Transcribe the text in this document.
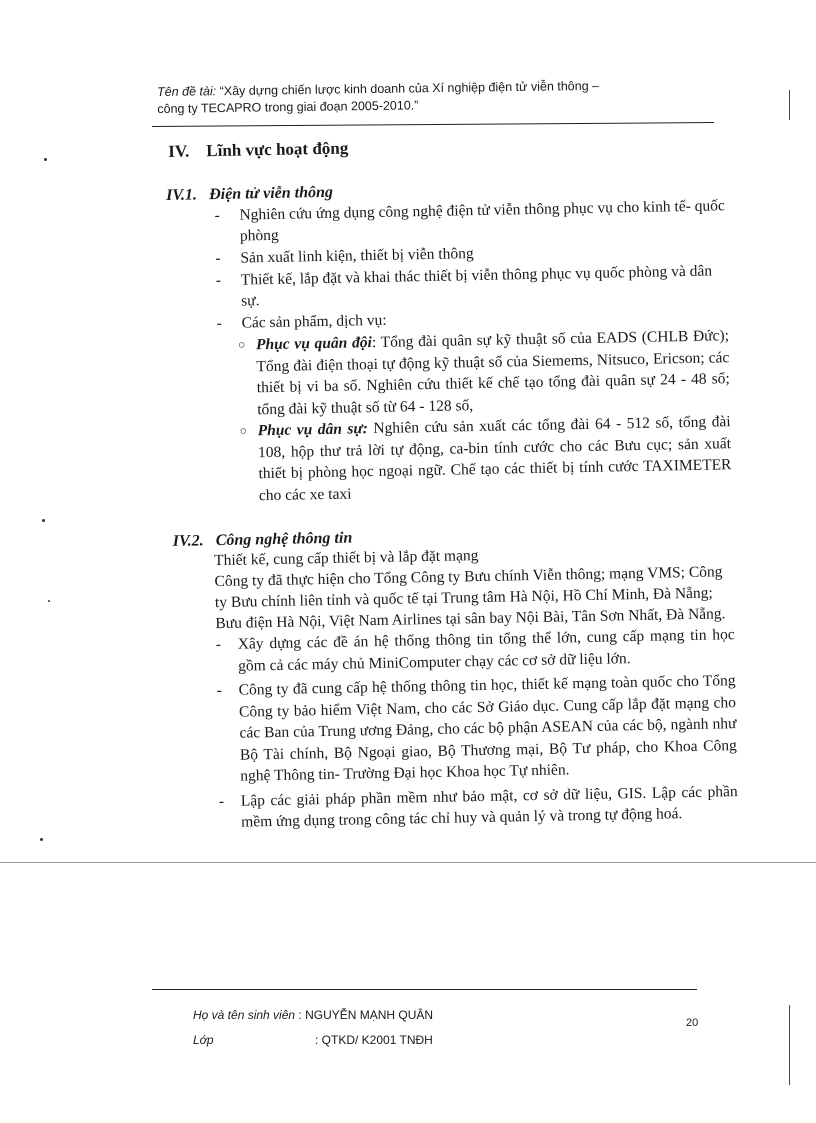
Tên đề tài: “Xây dựng chiến lược kinh doanh của Xí nghiệp điện tử viễn thông –
công ty TECAPRO trong giai đoạn 2005-2010.”
IV. Lĩnh vực hoạt động
IV.1. Điện tử viễn thông
- Nghiên cứu ứng dụng công nghệ điện tử viễn thông phục vụ cho kinh tế- quốc phòng
- Sản xuất linh kiện, thiết bị viễn thông
- Thiết kế, lắp đặt và khai thác thiết bị viễn thông phục vụ quốc phòng và dân sự.
- Các sản phẩm, dịch vụ:
○ Phục vụ quân đội: Tổng đài quân sự kỹ thuật số của EADS (CHLB Đức); Tổng đài điện thoại tự động kỹ thuật số của Siemems, Nitsuco, Ericson; các thiết bị vi ba số. Nghiên cứu thiết kế chế tạo tổng đài quân sự 24 - 48 số; tổng đài kỹ thuật số từ 64 - 128 số,
○ Phục vụ dân sự: Nghiên cứu sản xuất các tổng đài 64 - 512 số, tổng đài 108, hộp thư trả lời tự động, ca-bin tính cước cho các Bưu cục; sản xuất thiết bị phòng học ngoại ngữ. Chế tạo các thiết bị tính cước TAXIMETER cho các xe taxi
IV.2. Công nghệ thông tin
Thiết kế, cung cấp thiết bị và lắp đặt mạng
Công ty đã thực hiện cho Tổng Công ty Bưu chính Viễn thông; mạng VMS; Công ty Bưu chính liên tỉnh và quốc tế tại Trung tâm Hà Nội, Hồ Chí Minh, Đà Nẵng; Bưu điện Hà Nội, Việt Nam Airlines tại sân bay Nội Bài, Tân Sơn Nhất, Đà Nẵng.
- Xây dựng các đề án hệ thống thông tin tổng thể lớn, cung cấp mạng tin học gồm cả các máy chủ MiniComputer chạy các cơ sở dữ liệu lớn.
- Công ty đã cung cấp hệ thống thông tin học, thiết kế mạng toàn quốc cho Tổng Công ty bảo hiểm Việt Nam, cho các Sở Giáo dục. Cung cấp lắp đặt mạng cho các Ban của Trung ương Đảng, cho các bộ phận ASEAN của các bộ, ngành như Bộ Tài chính, Bộ Ngoại giao, Bộ Thương mại, Bộ Tư pháp, cho Khoa Công nghệ Thông tin- Trường Đại học Khoa học Tự nhiên.
- Lập các giải pháp phần mềm như bảo mật, cơ sở dữ liệu, GIS. Lập các phần mềm ứng dụng trong công tác chỉ huy và quản lý và trong tự động hoá.
Họ và tên sinh viên : NGUYỄN MẠNH QUÂN
Lớp	: QTKD/ K2001 TNĐH
20
